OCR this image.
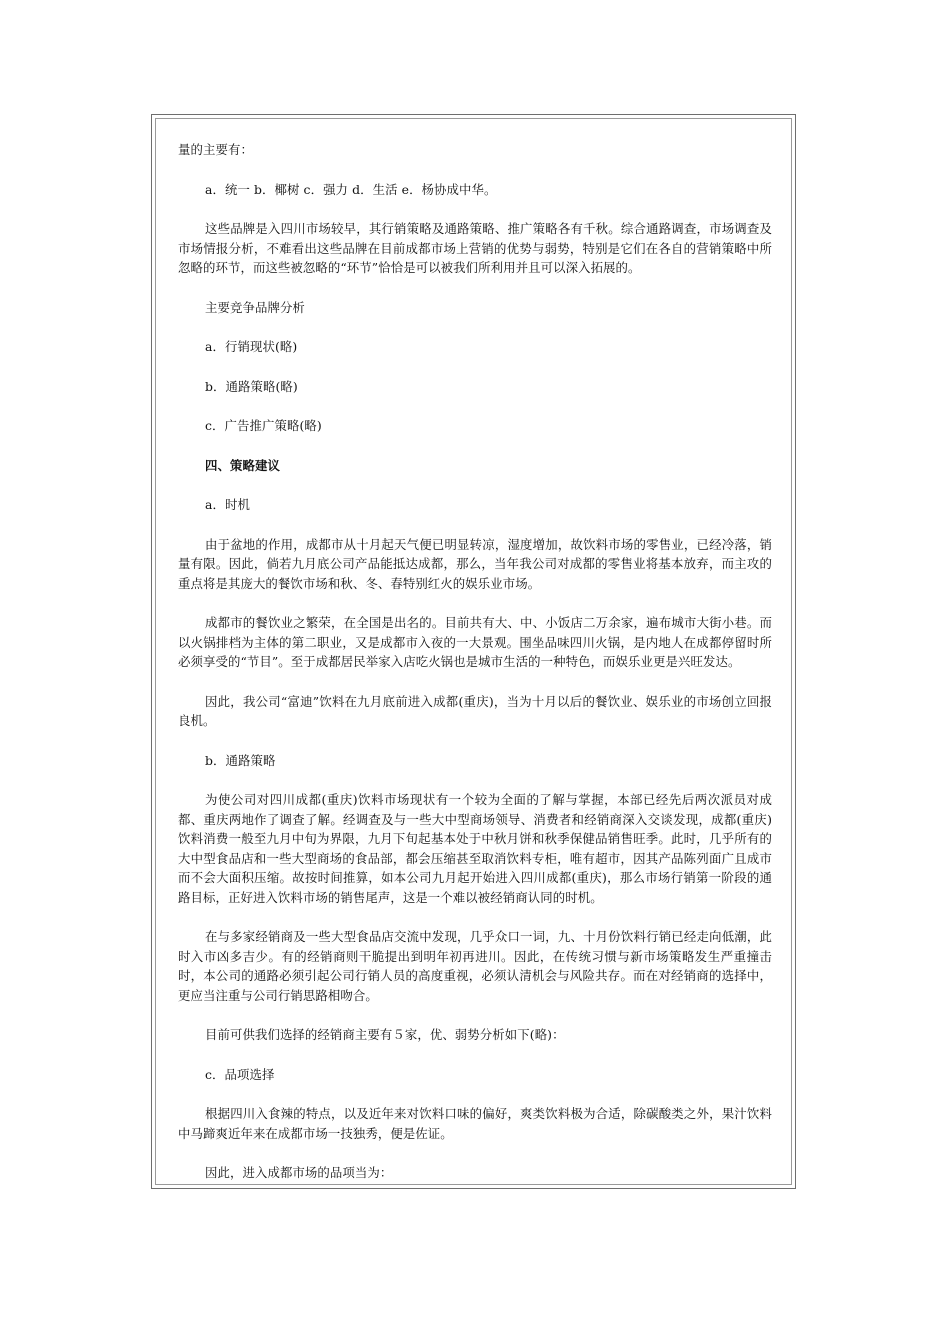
量的主要有：

a．统一 b．椰树 c．强力 d．生活 e．杨协成中华。

这些品牌是入四川市场较早，其行销策略及通路策略、推广策略各有千秋。综合通路调查，市场调查及市场情报分析，不难看出这些品牌在目前成都市场上营销的优势与弱势，特别是它们在各自的营销策略中所忽略的环节，而这些被忽略的“环节”恰恰是可以被我们所利用并且可以深入拓展的。

主要竞争品牌分析

a．行销现状(略)

b．通路策略(略)

c．广告推广策略(略)

四、策略建议

a．时机

由于盆地的作用，成都市从十月起天气便已明显转凉，湿度增加，故饮料市场的零售业，已经冷落，销量有限。因此，倘若九月底公司产品能抵达成都，那么，当年我公司对成都的零售业将基本放弃，而主攻的重点将是其庞大的餐饮市场和秋、冬、春特别红火的娱乐业市场。

成都市的餐饮业之繁荣，在全国是出名的。目前共有大、中、小饭店二万余家，遍布城市大街小巷。而以火锅排档为主体的第二职业，又是成都市入夜的一大景观。围坐品味四川火锅，是内地人在成都停留时所必须享受的“节目”。至于成都居民举家入店吃火锅也是城市生活的一种特色，而娱乐业更是兴旺发达。

因此，我公司“富迪”饮料在九月底前进入成都(重庆)，当为十月以后的餐饮业、娱乐业的市场创立回报良机。

b．通路策略

为使公司对四川成都(重庆)饮料市场现状有一个较为全面的了解与掌握，本部已经先后两次派员对成都、重庆两地作了调查了解。经调查及与一些大中型商场领导、消费者和经销商深入交谈发现，成都(重庆)饮料消费一般至九月中旬为界限，九月下旬起基本处于中秋月饼和秋季保健品销售旺季。此时，几乎所有的大中型食品店和一些大型商场的食品部，都会压缩甚至取消饮料专柜，唯有超市，因其产品陈列面广且成市而不会大面积压缩。故按时间推算，如本公司九月起开始进入四川成都(重庆)，那么市场行销第一阶段的通路目标，正好进入饮料市场的销售尾声，这是一个难以被经销商认同的时机。

在与多家经销商及一些大型食品店交流中发现，几乎众口一词，九、十月份饮料行销已经走向低潮，此时入市凶多吉少。有的经销商则干脆提出到明年初再进川。因此，在传统习惯与新市场策略发生严重撞击时，本公司的通路必须引起公司行销人员的高度重视，必须认清机会与风险共存。而在对经销商的选择中，更应当注重与公司行销思路相吻合。

目前可供我们选择的经销商主要有５家，优、弱势分析如下(略)：

c．品项选择

根据四川入食辣的特点，以及近年来对饮料口味的偏好，爽类饮料极为合适，除碳酸类之外，果汁饮料中马蹄爽近年来在成都市场一技独秀，便是佐证。

因此，进入成都市场的品项当为：
